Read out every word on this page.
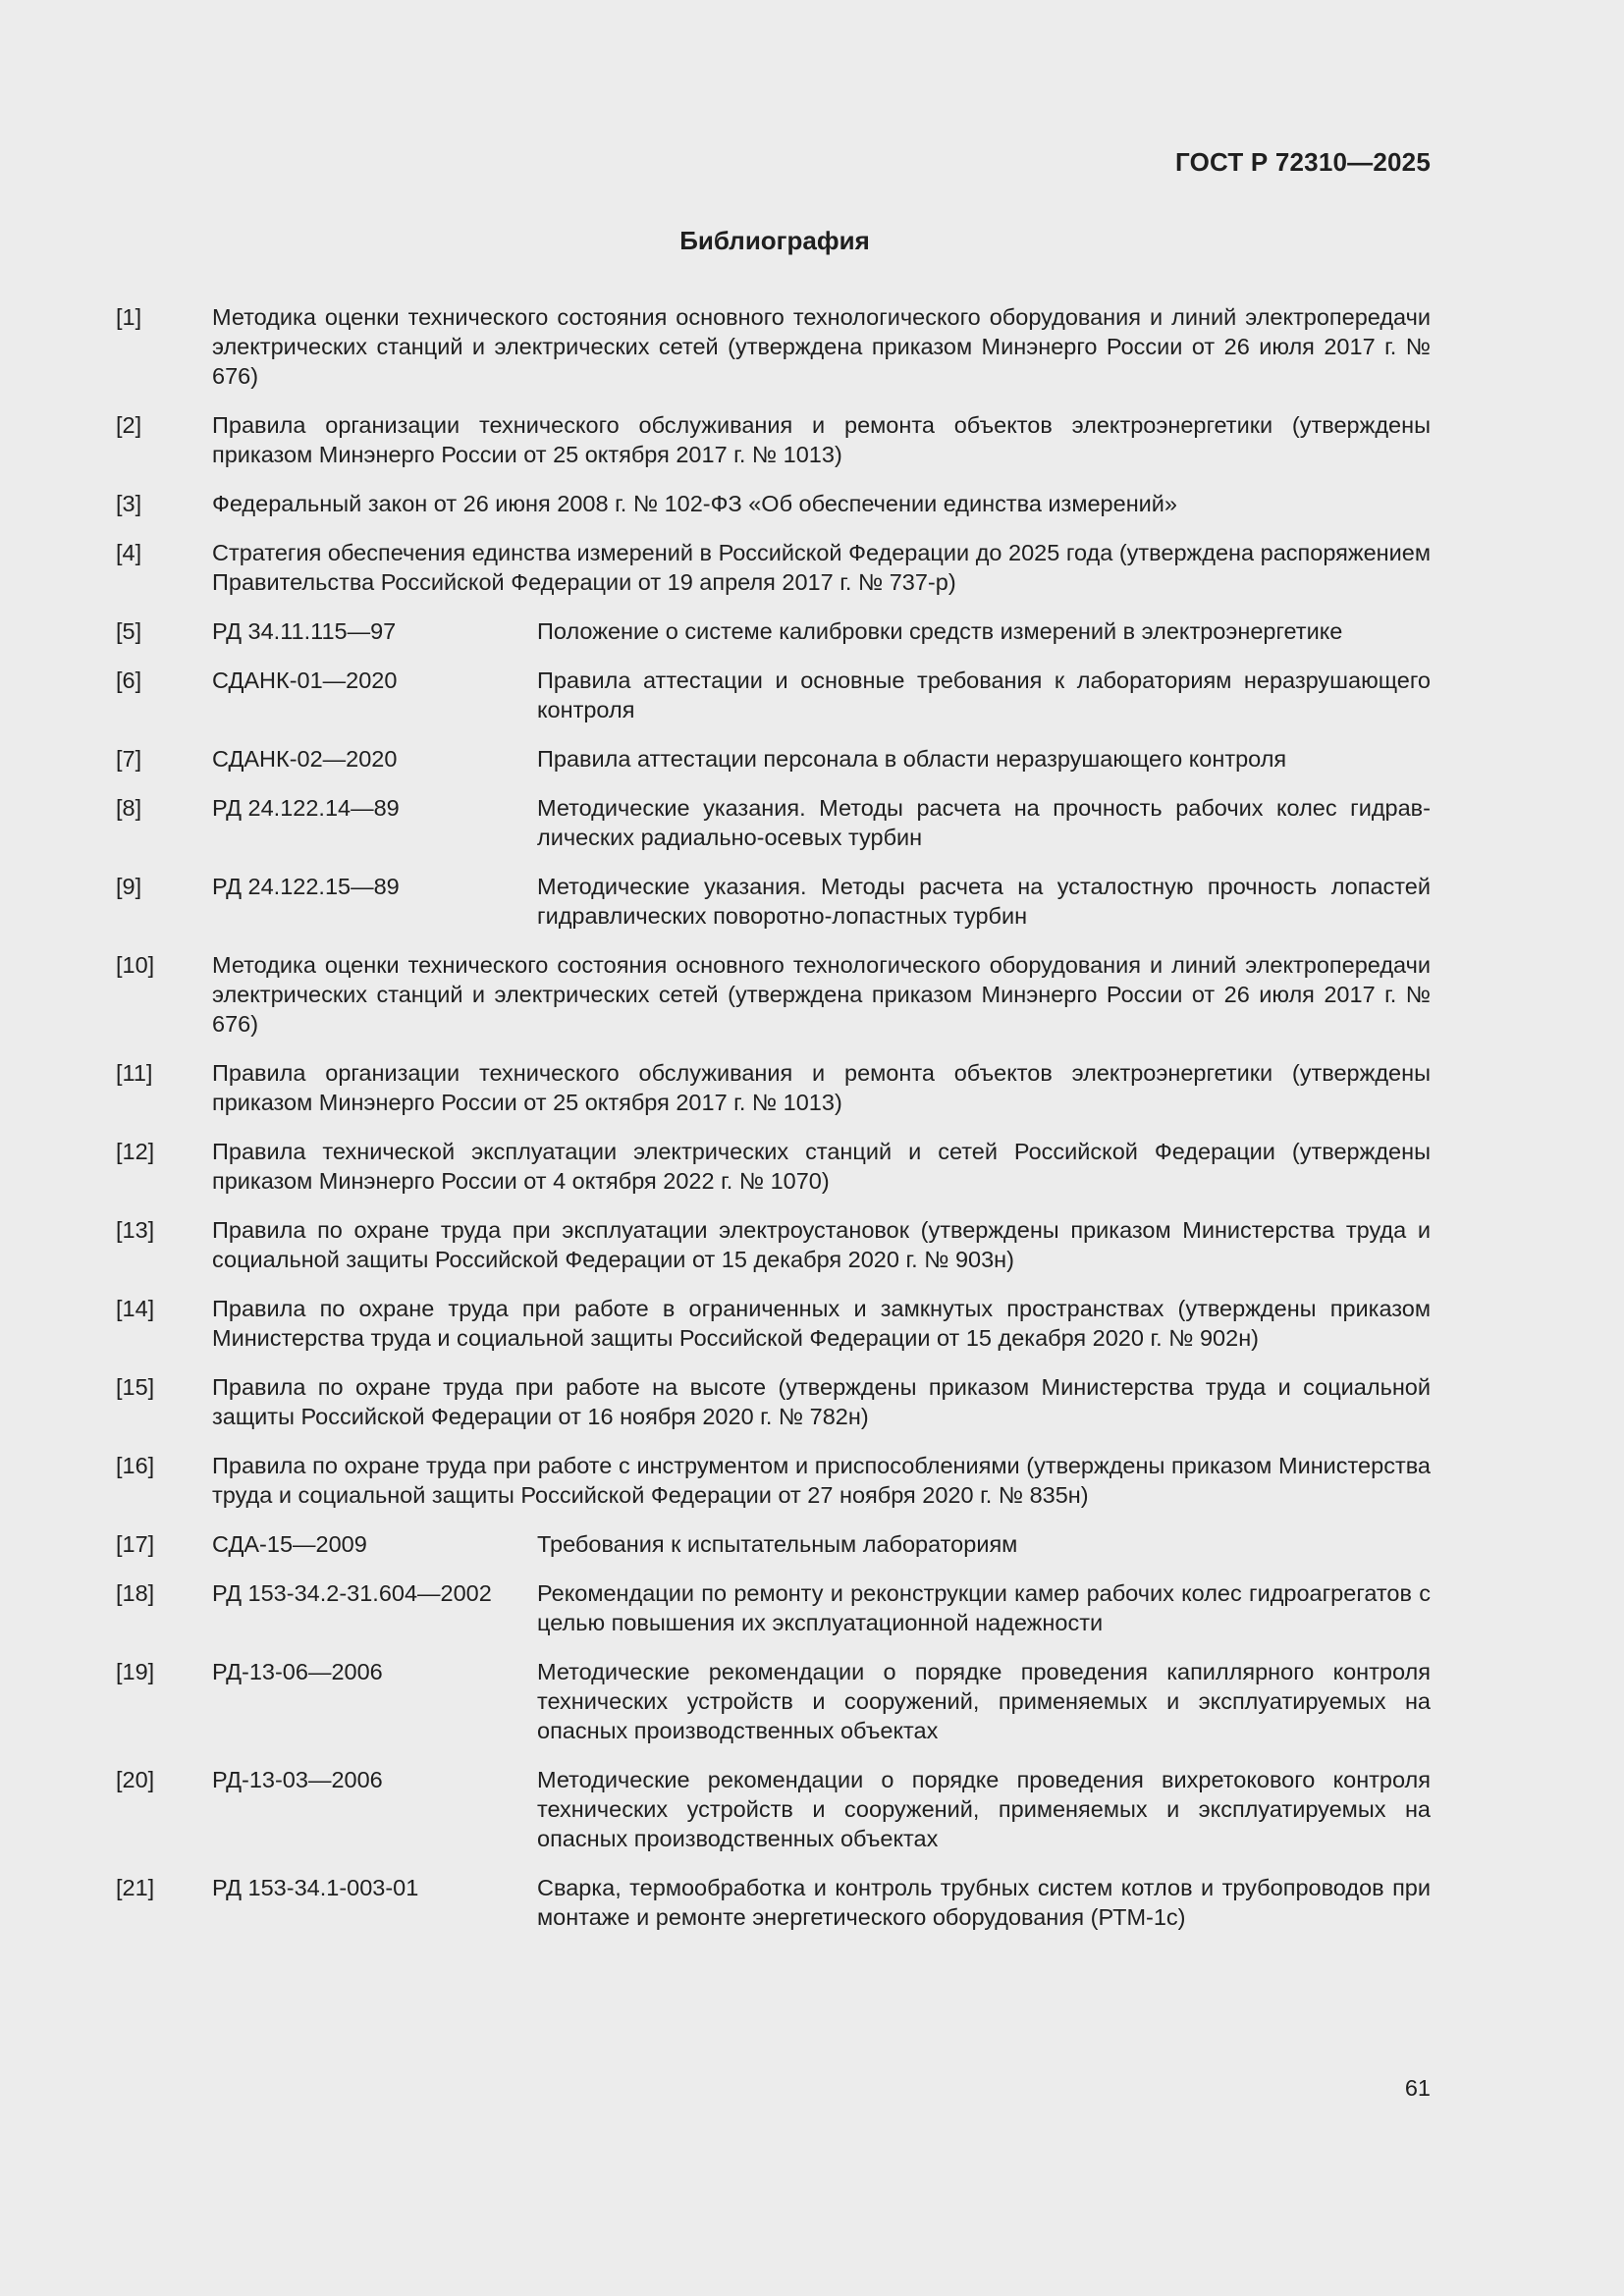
ГОСТ Р 72310—2025
Библиография
[1]	Методика оценки технического состояния основного технологического оборудования и линий электропередачи электрических станций и электрических сетей (утверждена приказом Минэнерго России от 26 июля 2017 г. № 676)
[2]	Правила организации технического обслуживания и ремонта объектов электроэнергетики (утверждены приказом Минэнерго России от 25 октября 2017 г. № 1013)
[3]	Федеральный закон от 26 июня 2008 г. № 102-ФЗ «Об обеспечении единства измерений»
[4]	Стратегия обеспечения единства измерений в Российской Федерации до 2025 года (утверждена распоряжением Правительства Российской Федерации от 19 апреля 2017 г. № 737-р)
[5]	РД 34.11.115—97	Положение о системе калибровки средств измерений в электроэнергетике
[6]	СДАНК-01—2020	Правила аттестации и основные требования к лабораториям неразрушающего контроля
[7]	СДАНК-02—2020	Правила аттестации персонала в области неразрушающего контроля
[8]	РД 24.122.14—89	Методические указания. Методы расчета на прочность рабочих колес гидравлических радиально-осевых турбин
[9]	РД 24.122.15—89	Методические указания. Методы расчета на усталостную прочность лопастей гидравлических поворотно-лопастных турбин
[10]	Методика оценки технического состояния основного технологического оборудования и линий электропередачи электрических станций и электрических сетей (утверждена приказом Минэнерго России от 26 июля 2017 г. № 676)
[11]	Правила организации технического обслуживания и ремонта объектов электроэнергетики (утверждены приказом Минэнерго России от 25 октября 2017 г. № 1013)
[12]	Правила технической эксплуатации электрических станций и сетей Российской Федерации (утверждены приказом Минэнерго России от 4 октября 2022 г. № 1070)
[13]	Правила по охране труда при эксплуатации электроустановок (утверждены приказом Министерства труда и социальной защиты Российской Федерации от 15 декабря 2020 г. № 903н)
[14]	Правила по охране труда при работе в ограниченных и замкнутых пространствах (утверждены приказом Министерства труда и социальной защиты Российской Федерации от 15 декабря 2020 г. № 902н)
[15]	Правила по охране труда при работе на высоте (утверждены приказом Министерства труда и социальной защиты Российской Федерации от 16 ноября 2020 г. № 782н)
[16]	Правила по охране труда при работе с инструментом и приспособлениями (утверждены приказом Министерства труда и социальной защиты Российской Федерации от 27 ноября 2020 г. № 835н)
[17]	СДА-15—2009	Требования к испытательным лабораториям
[18]	РД 153-34.2-31.604—2002	Рекомендации по ремонту и реконструкции камер рабочих колес гидроагрегатов с целью повышения их эксплуатационной надежности
[19]	РД-13-06—2006	Методические рекомендации о порядке проведения капиллярного контроля технических устройств и сооружений, применяемых и эксплуатируемых на опасных производственных объектах
[20]	РД-13-03—2006	Методические рекомендации о порядке проведения вихретокового контроля технических устройств и сооружений, применяемых и эксплуатируемых на опасных производственных объектах
[21]	РД 153-34.1-003-01	Сварка, термообработка и контроль трубных систем котлов и трубопроводов при монтаже и ремонте энергетического оборудования (РТМ-1с)
61
